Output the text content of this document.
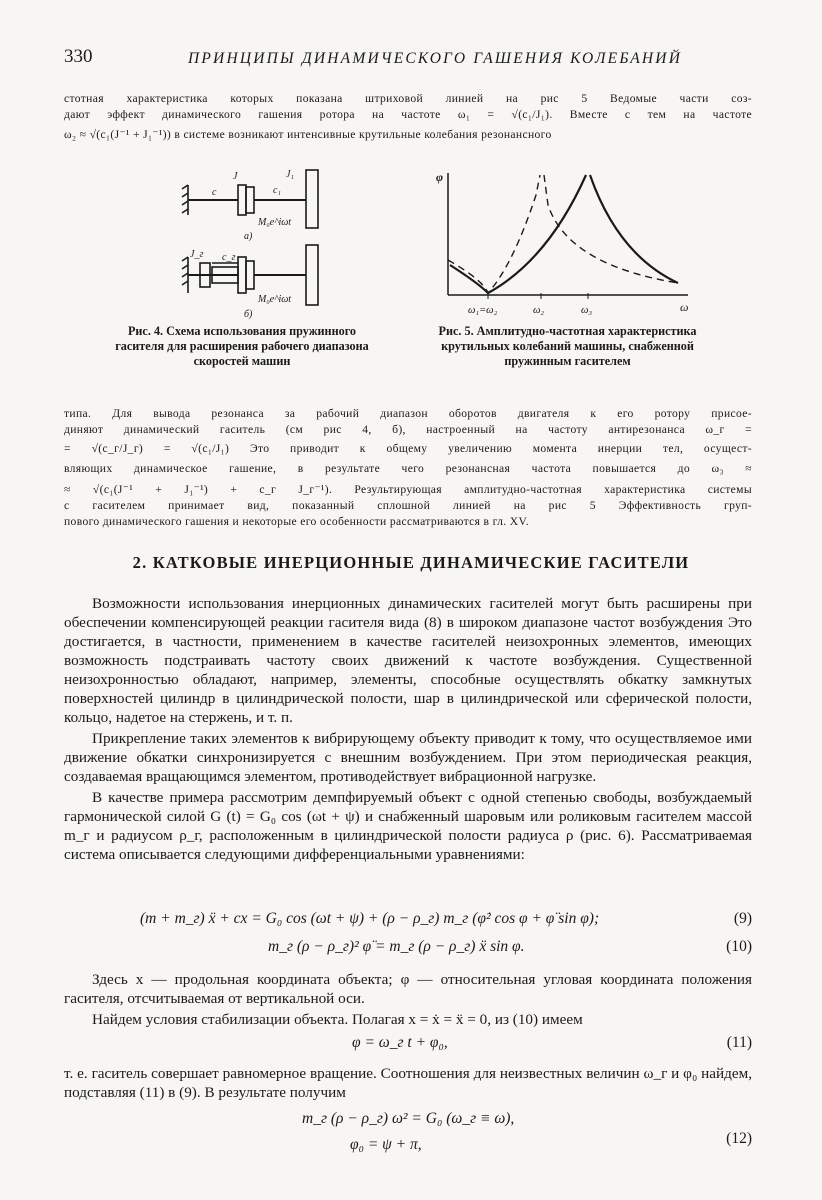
330	ПРИНЦИПЫ ДИНАМИЧЕСКОГО ГАШЕНИЯ КОЛЕБАНИЙ
стотная характеристика которых показана штриховой линией на рис 5 Ведомые части соз-
дают эффект динамического гашения ротора на частоте ω₁ = √(c₁/J₁). Вместе с тем на частоте
ω₂ ≈ √(c₁(J⁻¹ + J₁⁻¹)) в системе возникают интенсивные крутильные колебания резонансного
c
J
c₁
J₁
M₀e^iωt
a)
J_г c_г
M₀e^iωt
б)
φ
ω
ω₁=ω₂	ω₂	ω₃
Рис. 4. Схема использования пружинного гасителя для расширения рабочего диапазона скоростей машин
Рис. 5. Амплитудно-частотная характеристика крутильных колебаний машины, снабженной пружинным гасителем
типа. Для вывода резонанса за рабочий диапазон оборотов двигателя к его ротору присое-
диняют динамический гаситель (см рис 4, б), настроенный на частоту антирезонанса ω_г =
= √(c_г/J_г) = √(c₁/J₁) Это приводит к общему увеличению момента инерции тел, осущест-
вляющих динамическое гашение, в результате чего резонансная частота повышается до ω₃ ≈
≈ √(c₁(J⁻¹ + J₁⁻¹) + c_г J_г⁻¹). Результирующая амплитудно-частотная характеристика системы
с гасителем принимает вид, показанный сплошной линией на рис 5 Эффективность груп-
пового динамического гашения и некоторые его особенности рассматриваются в гл. XV.
2. КАТКОВЫЕ ИНЕРЦИОННЫЕ ДИНАМИЧЕСКИЕ ГАСИТЕЛИ

Возможности использования инерционных динамических гасителей могут быть расширены при обеспечении компенсирующей реакции гасителя вида (8) в широком диапазоне частот возбуждения Это достигается, в частности, применением в качестве гасителей неизохронных элементов, имеющих возможность подстраивать частоту своих движений к частоте возбуждения. Существенной неизохронностью обладают, например, элементы, способные осуществлять обкатку замкнутых поверхностей цилиндр в цилиндрической полости, шар в цилиндрической или сферической полости, кольцо, надетое на стержень, и т. п.

Прикрепление таких элементов к вибрирующему объекту приводит к тому, что осуществляемое ими движение обкатки синхронизируется с внешним возбуждением. При этом периодическая реакция, создаваемая вращающимся элементом, противодействует вибрационной нагрузке.

В качестве примера рассмотрим демпфируемый объект с одной степенью свободы, возбуждаемый гармонической силой G (t) = G₀ cos (ωt + ψ) и снабженный шаровым или роликовым гасителем массой m_г и радиусом ρ_г, расположенным в цилиндрической полости радиуса ρ (рис. 6). Рассматриваемая система описывается следующими дифференциальными уравнениями:

(m + m_г) ẍ + cx = G₀ cos (ωt + ψ) + (ρ − ρ_г) m_г (φ̇² cos φ + φ̈ sin φ);	(9)
m_г (ρ − ρ_г)² φ̈ = m_г (ρ − ρ_г) ẍ sin φ.	(10)

Здесь x — продольная координата объекта; φ — относительная угловая координата положения гасителя, отсчитываемая от вертикальной оси.

Найдем условия стабилизации объекта. Полагая x = ẋ = ẍ = 0, из (10) имеем

φ = ω_г t + φ₀,	(11)

т. е. гаситель совершает равномерное вращение. Соотношения для неизвестных величин ω_г и φ₀ найдем, подставляя (11) в (9). В результате получим

m_г (ρ − ρ_г) ω² = G₀ (ω_г ≡ ω),
φ₀ = ψ + π,	(12)
